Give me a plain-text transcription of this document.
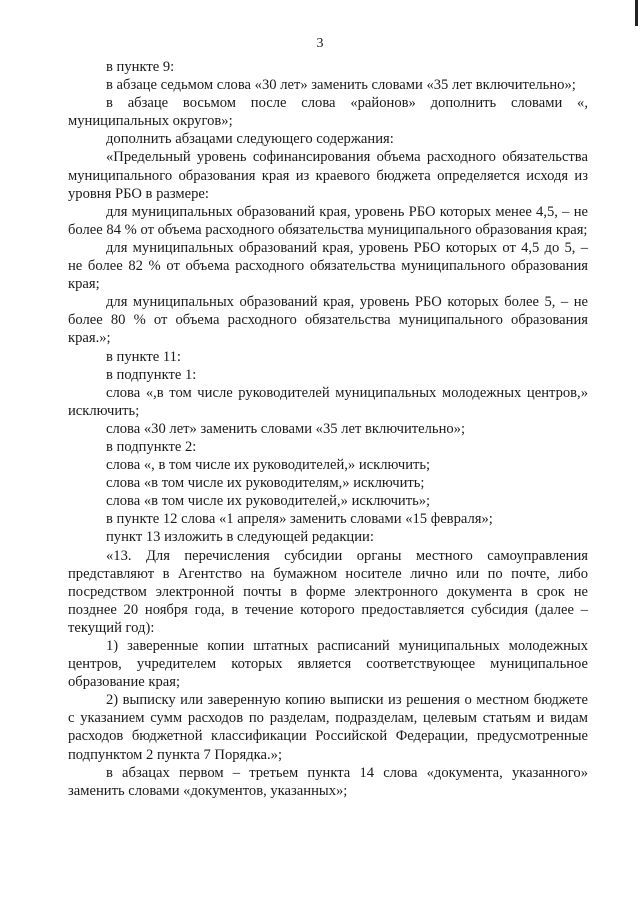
3

в пункте 9:

в абзаце седьмом слова «30 лет» заменить словами «35 лет включительно»;

в абзаце восьмом после слова «районов» дополнить словами «, муниципальных округов»;

дополнить абзацами следующего содержания:

«Предельный уровень софинансирования объема расходного обязательства муниципального образования края из краевого бюджета определяется исходя из уровня РБО в размере:

для муниципальных образований края, уровень РБО которых менее 4,5, – не более 84 % от объема расходного обязательства муниципального образования края;

для муниципальных образований края, уровень РБО которых от 4,5 до 5, – не более 82 % от объема расходного обязательства муниципального образования края;

для муниципальных образований края, уровень РБО которых более 5, – не более 80 % от объема расходного обязательства муниципального образования края.»;

в пункте 11:

в подпункте 1:

слова «,в том числе руководителей муниципальных молодежных центров,» исключить;

слова «30 лет» заменить словами «35 лет включительно»;

в подпункте 2:

слова «, в том числе их руководителей,» исключить;

слова «в том числе их руководителям,» исключить;

слова «в том числе их руководителей,» исключить»;

в пункте 12 слова «1 апреля» заменить словами «15 февраля»;

пункт 13 изложить в следующей редакции:

«13. Для перечисления субсидии органы местного самоуправления представляют в Агентство на бумажном носителе лично или по почте, либо посредством электронной почты в форме электронного документа в срок не позднее 20 ноября года, в течение которого предоставляется субсидия (далее – текущий год):

1) заверенные копии штатных расписаний муниципальных молодежных центров, учредителем которых является соответствующее муниципальное образование края;

2) выписку или заверенную копию выписки из решения о местном бюджете с указанием сумм расходов по разделам, подразделам, целевым статьям и видам расходов бюджетной классификации Российской Федерации, предусмотренные подпунктом 2 пункта 7 Порядка.»;

в абзацах первом – третьем пункта 14 слова «документа, указанного» заменить словами «документов, указанных»;
